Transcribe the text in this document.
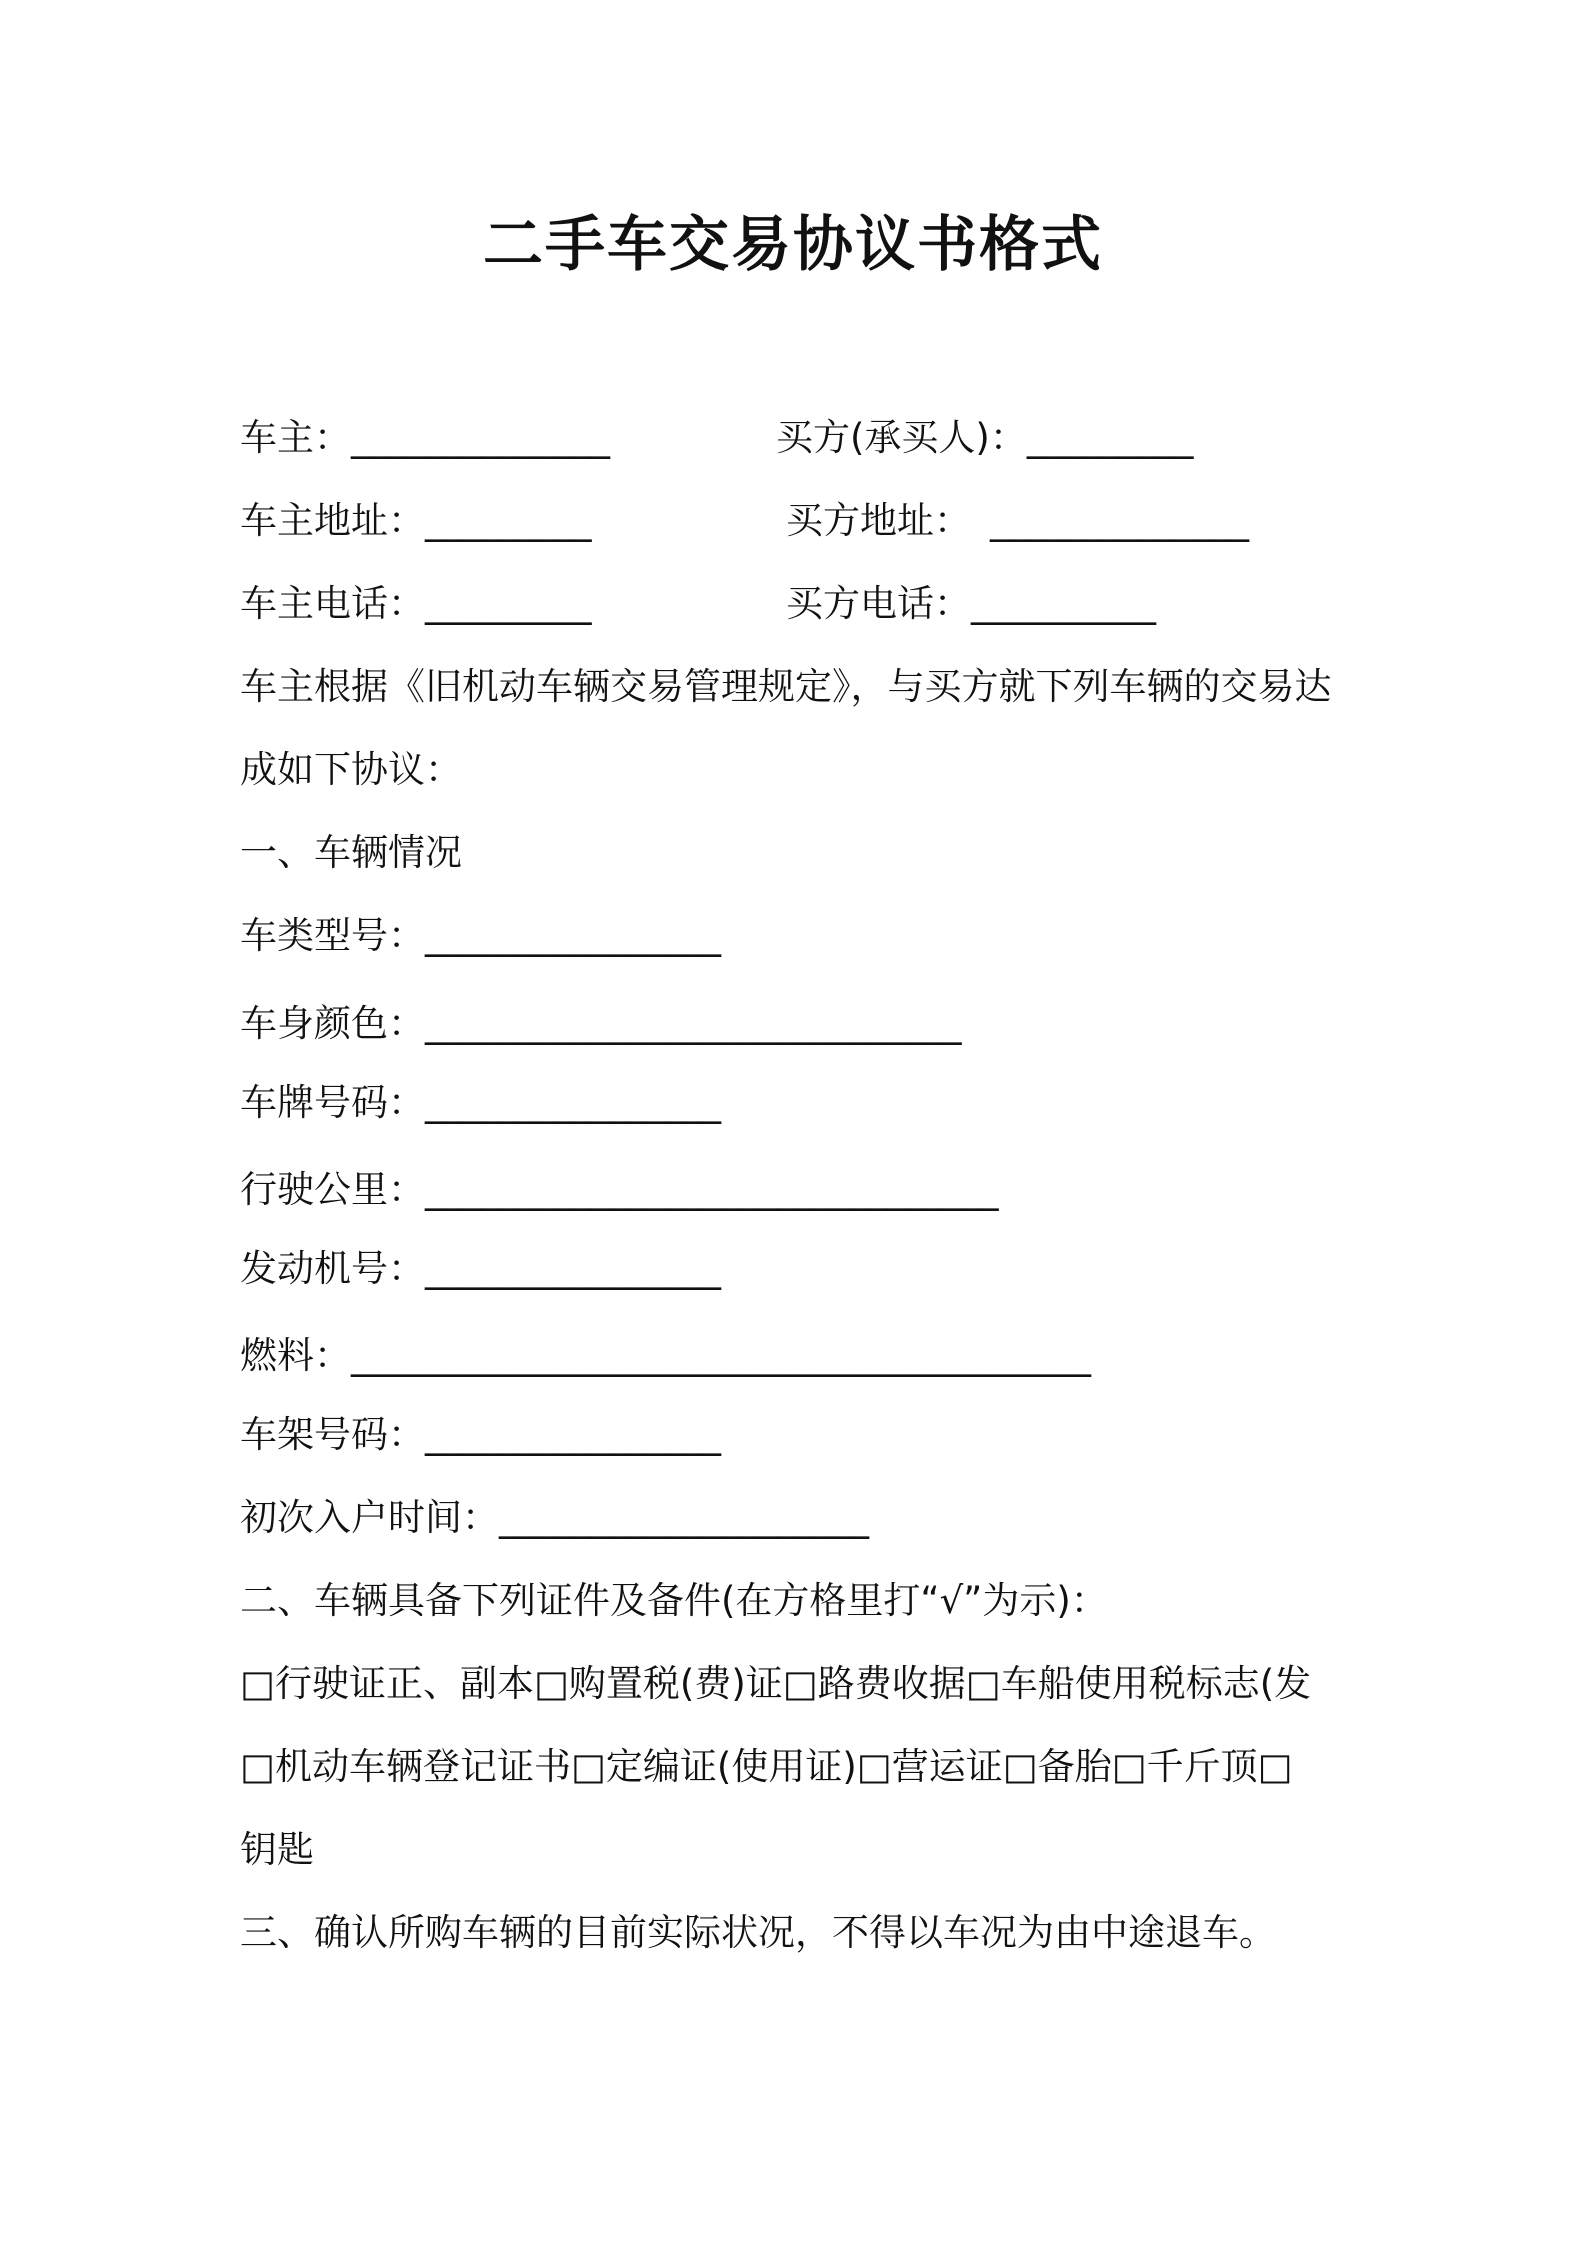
二手车交易协议书格式
车主：______________	买方(承买人)：_________
车主地址：_________	买方地址： ______________
车主电话：_________	买方电话：__________
车主根据《旧机动车辆交易管理规定》，与买方就下列车辆的交易达
成如下协议：
一、车辆情况
车类型号：________________
车身颜色：_____________________________
车牌号码：________________
行驶公里：_______________________________
发动机号：________________
燃料：________________________________________
车架号码：________________
初次入户时间：____________________
二、车辆具备下列证件及备件(在方格里打“√”为示)：
□行驶证正、副本□购置税(费)证□路费收据□车船使用税标志(发
□机动车辆登记证书□定编证(使用证)□营运证□备胎□千斤顶□
钥匙
三、确认所购车辆的目前实际状况，不得以车况为由中途退车。
